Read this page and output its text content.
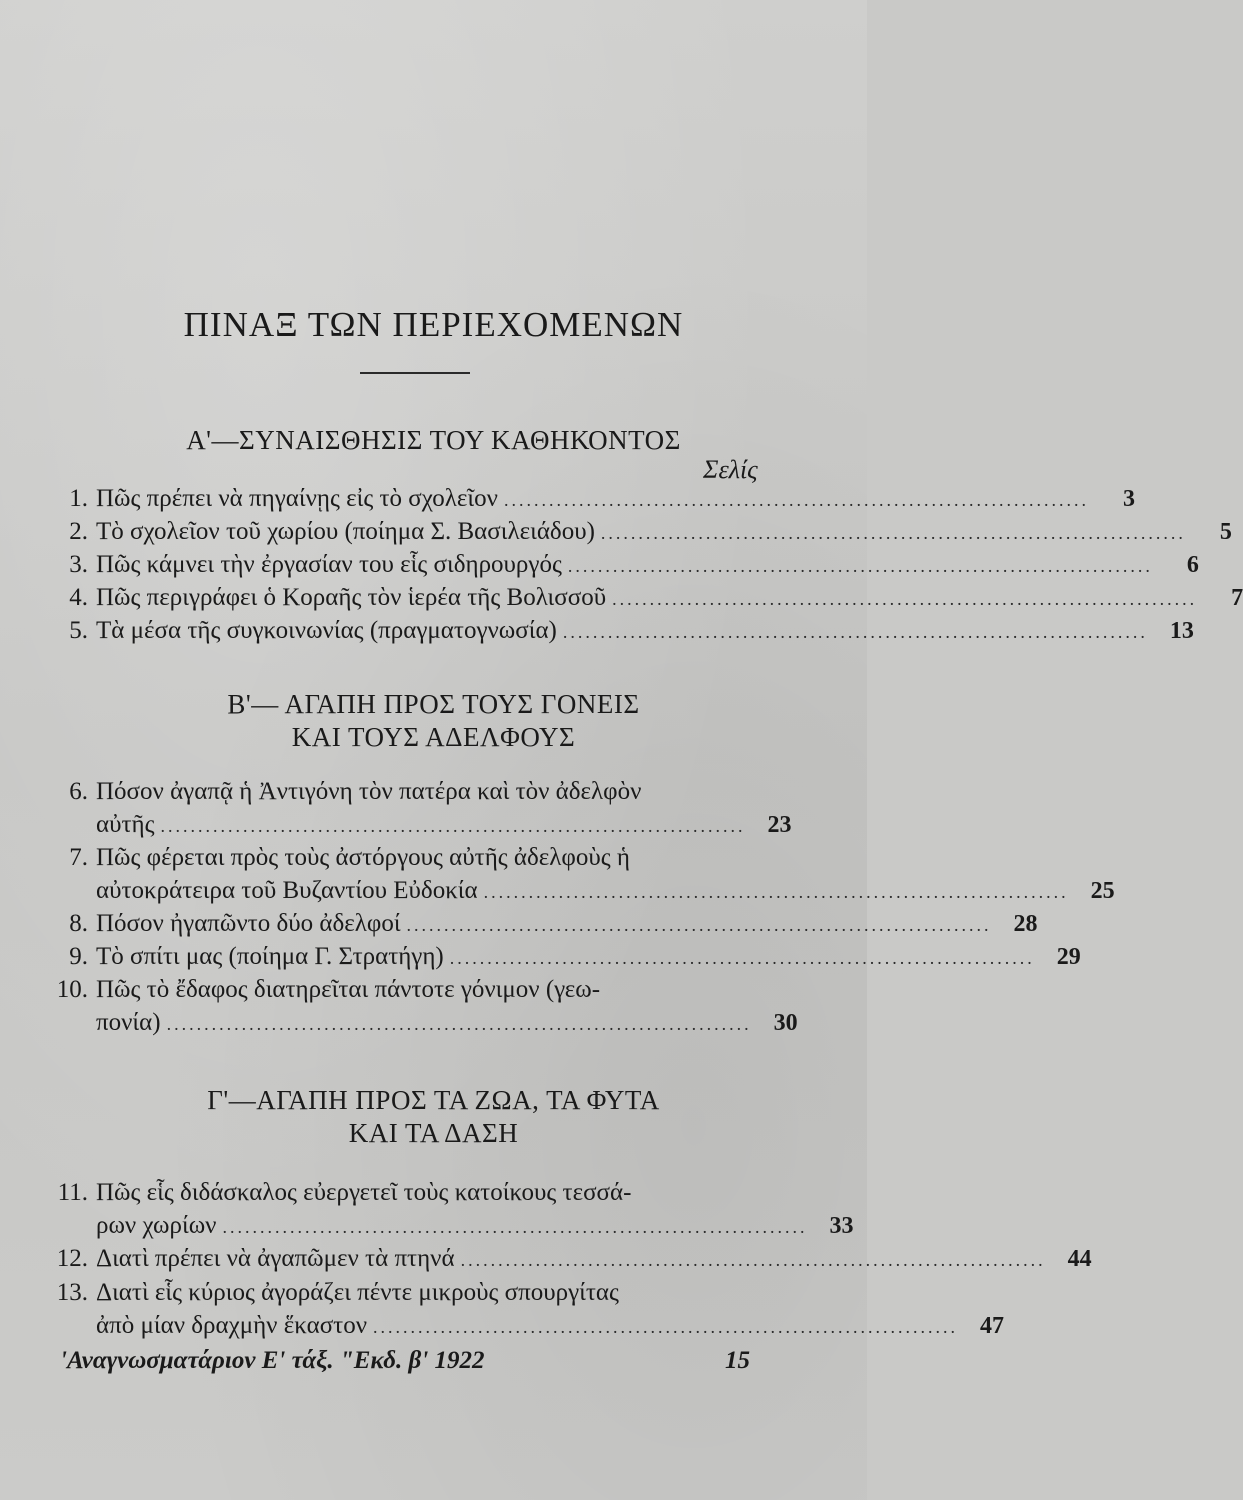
ΠΙΝΑΞ ΤΩΝ ΠΕΡΙΕΧΟΜΕΝΩΝ
Α'—ΣΥΝΑΙΣΘΗΣΙΣ ΤΟΥ ΚΑΘΗΚΟΝΤΟΣ
Σελίς
1. Πῶς πρέπει νὰ πηγαίνῃς εἰς τὸ σχολεῖον ..............................................................................	3
2. Τὸ σχολεῖον τοῦ χωρίου (ποίημα Σ. Βασιλειάδου) ..............................................................................	5
3. Πῶς κάμνει τὴν ἐργασίαν του εἷς σιδηρουργός ..............................................................................	6
4. Πῶς περιγράφει ὁ Κοραῆς τὸν ἱερέα τῆς Βολισσοῦ ..............................................................................	7
5. Τὰ μέσα τῆς συγκοινωνίας (πραγματογνωσία) .............................................................................. 13
Β'— ΑΓΑΠΗ ΠΡΟΣ ΤΟΥΣ ΓΟΝΕΙΣ
ΚΑΙ ΤΟΥΣ ΑΔΕΛΦΟΥΣ
6. Πόσον ἀγαπᾷ ἡ Ἀντιγόνη τὸν πατέρα καὶ τὸν ἀδελφὸν
αὐτῆς .............................................................................. 23
7. Πῶς φέρεται πρὸς τοὺς ἀστόργους αὐτῆς ἀδελφοὺς ἡ
αὐτοκράτειρα τοῦ Βυζαντίου Εὐδοκία .............................................................................. 25
8. Πόσον ἠγαπῶντο δύο ἀδελφοί .............................................................................. 28
9. Τὸ σπίτι μας (ποίημα Γ. Στρατήγη) .............................................................................. 29
10. Πῶς τὸ ἔδαφος διατηρεῖται πάντοτε γόνιμον (γεω-
πονία) .............................................................................. 30
Γ'—ΑΓΑΠΗ ΠΡΟΣ ΤΑ ΖΩΑ, ΤΑ ΦΥΤΑ
ΚΑΙ ΤΑ ΔΑΣΗ
11. Πῶς εἷς διδάσκαλος εὐεργετεῖ τοὺς κατοίκους τεσσά-
ρων χωρίων .............................................................................. 33
12. Διατὶ πρέπει νὰ ἀγαπῶμεν τὰ πτηνά .............................................................................. 44
13. Διατὶ εἷς κύριος ἀγοράζει πέντε μικροὺς σπουργίτας
ἀπὸ μίαν δραχμὴν ἕκαστον .............................................................................. 47
'Αναγνωσματάριον Ε' τάξ. "Εκδ. β' 1922	15
